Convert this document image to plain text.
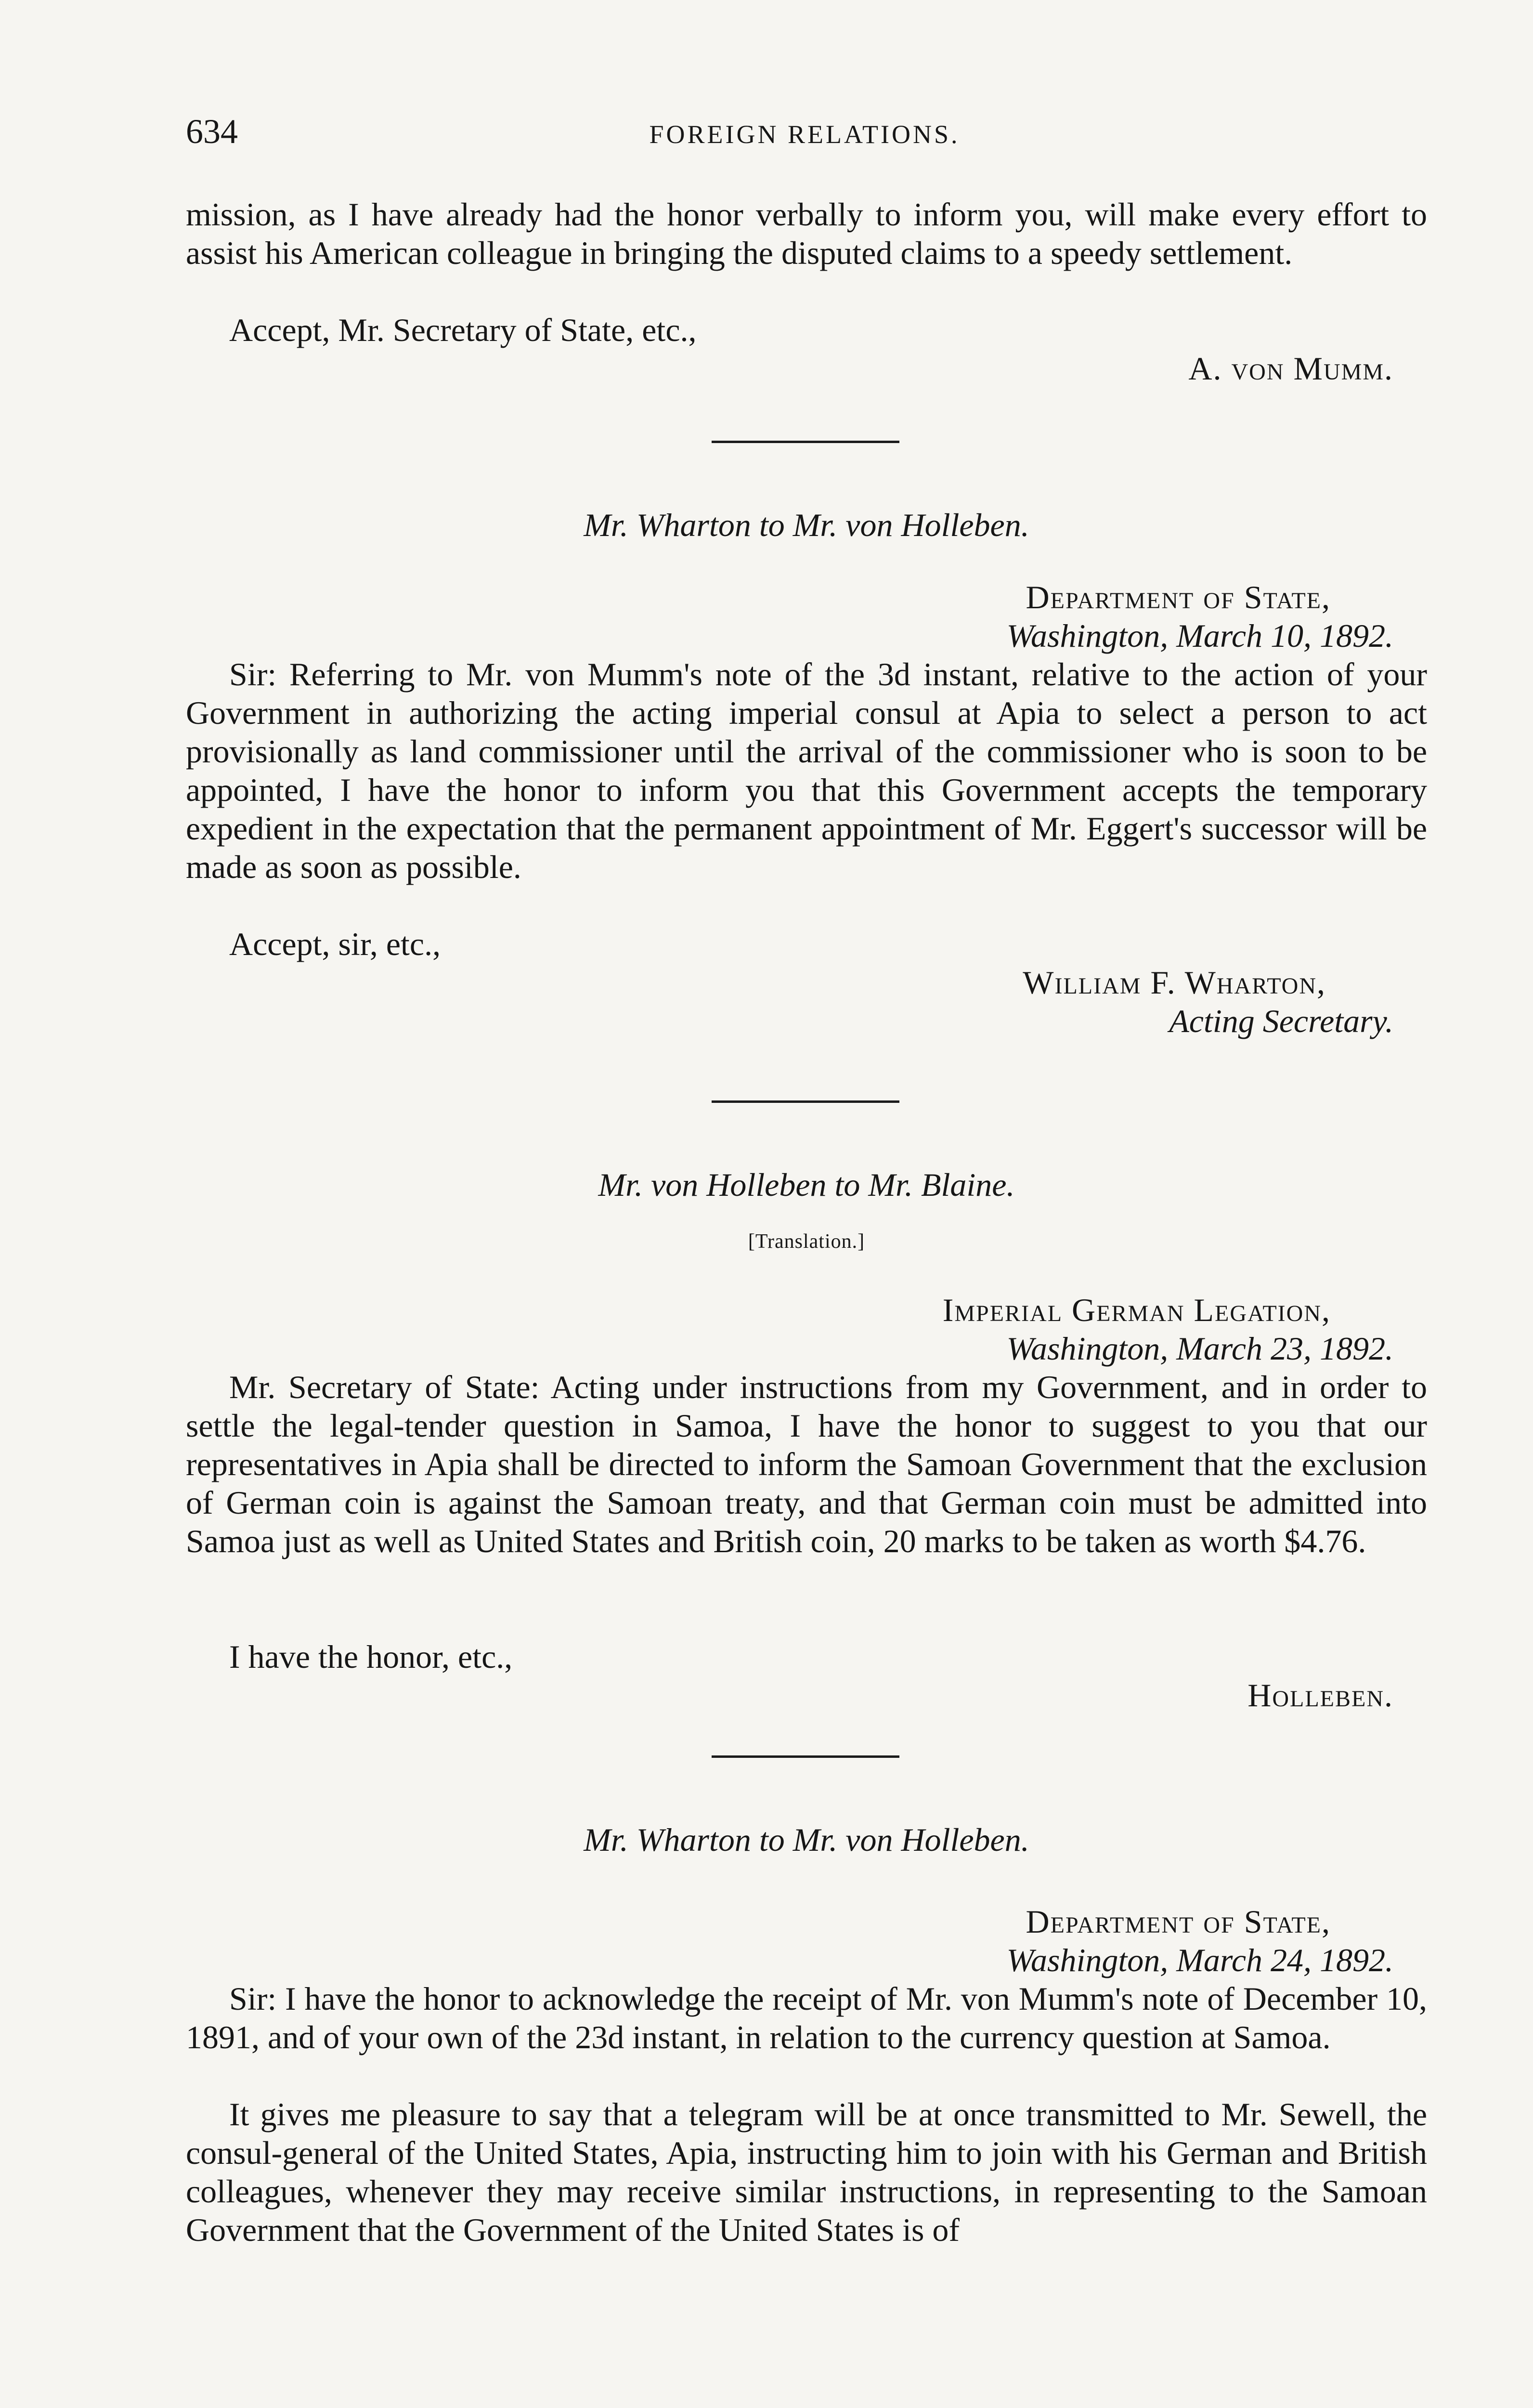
634	FOREIGN RELATIONS.

mission, as I have already had the honor verbally to inform you, will make every effort to assist his American colleague in bringing the disputed claims to a speedy settlement.

Accept, Mr. Secretary of State, etc.,

A. von Mumm.

Mr. Wharton to Mr. von Holleben.

Department of State,

Washington, March 10, 1892.

Sir: Referring to Mr. von Mumm's note of the 3d instant, relative to the action of your Government in authorizing the acting imperial consul at Apia to select a person to act provisionally as land commissioner until the arrival of the commissioner who is soon to be appointed, I have the honor to inform you that this Government accepts the temporary expedient in the expectation that the permanent appointment of Mr. Eggert's successor will be made as soon as possible.

Accept, sir, etc.,

William F. Wharton,

Acting Secretary.

Mr. von Holleben to Mr. Blaine.

[Translation.]

Imperial German Legation,

Washington, March 23, 1892.

Mr. Secretary of State: Acting under instructions from my Government, and in order to settle the legal-tender question in Samoa, I have the honor to suggest to you that our representatives in Apia shall be directed to inform the Samoan Government that the exclusion of German coin is against the Samoan treaty, and that German coin must be admitted into Samoa just as well as United States and British coin, 20 marks to be taken as worth $4.76.

I have the honor, etc.,

Holleben.

Mr. Wharton to Mr. von Holleben.

Department of State,

Washington, March 24, 1892.

Sir: I have the honor to acknowledge the receipt of Mr. von Mumm's note of December 10, 1891, and of your own of the 23d instant, in relation to the currency question at Samoa.

It gives me pleasure to say that a telegram will be at once transmitted to Mr. Sewell, the consul-general of the United States, Apia, instructing him to join with his German and British colleagues, whenever they may receive similar instructions, in representing to the Samoan Government that the Government of the United States is of
